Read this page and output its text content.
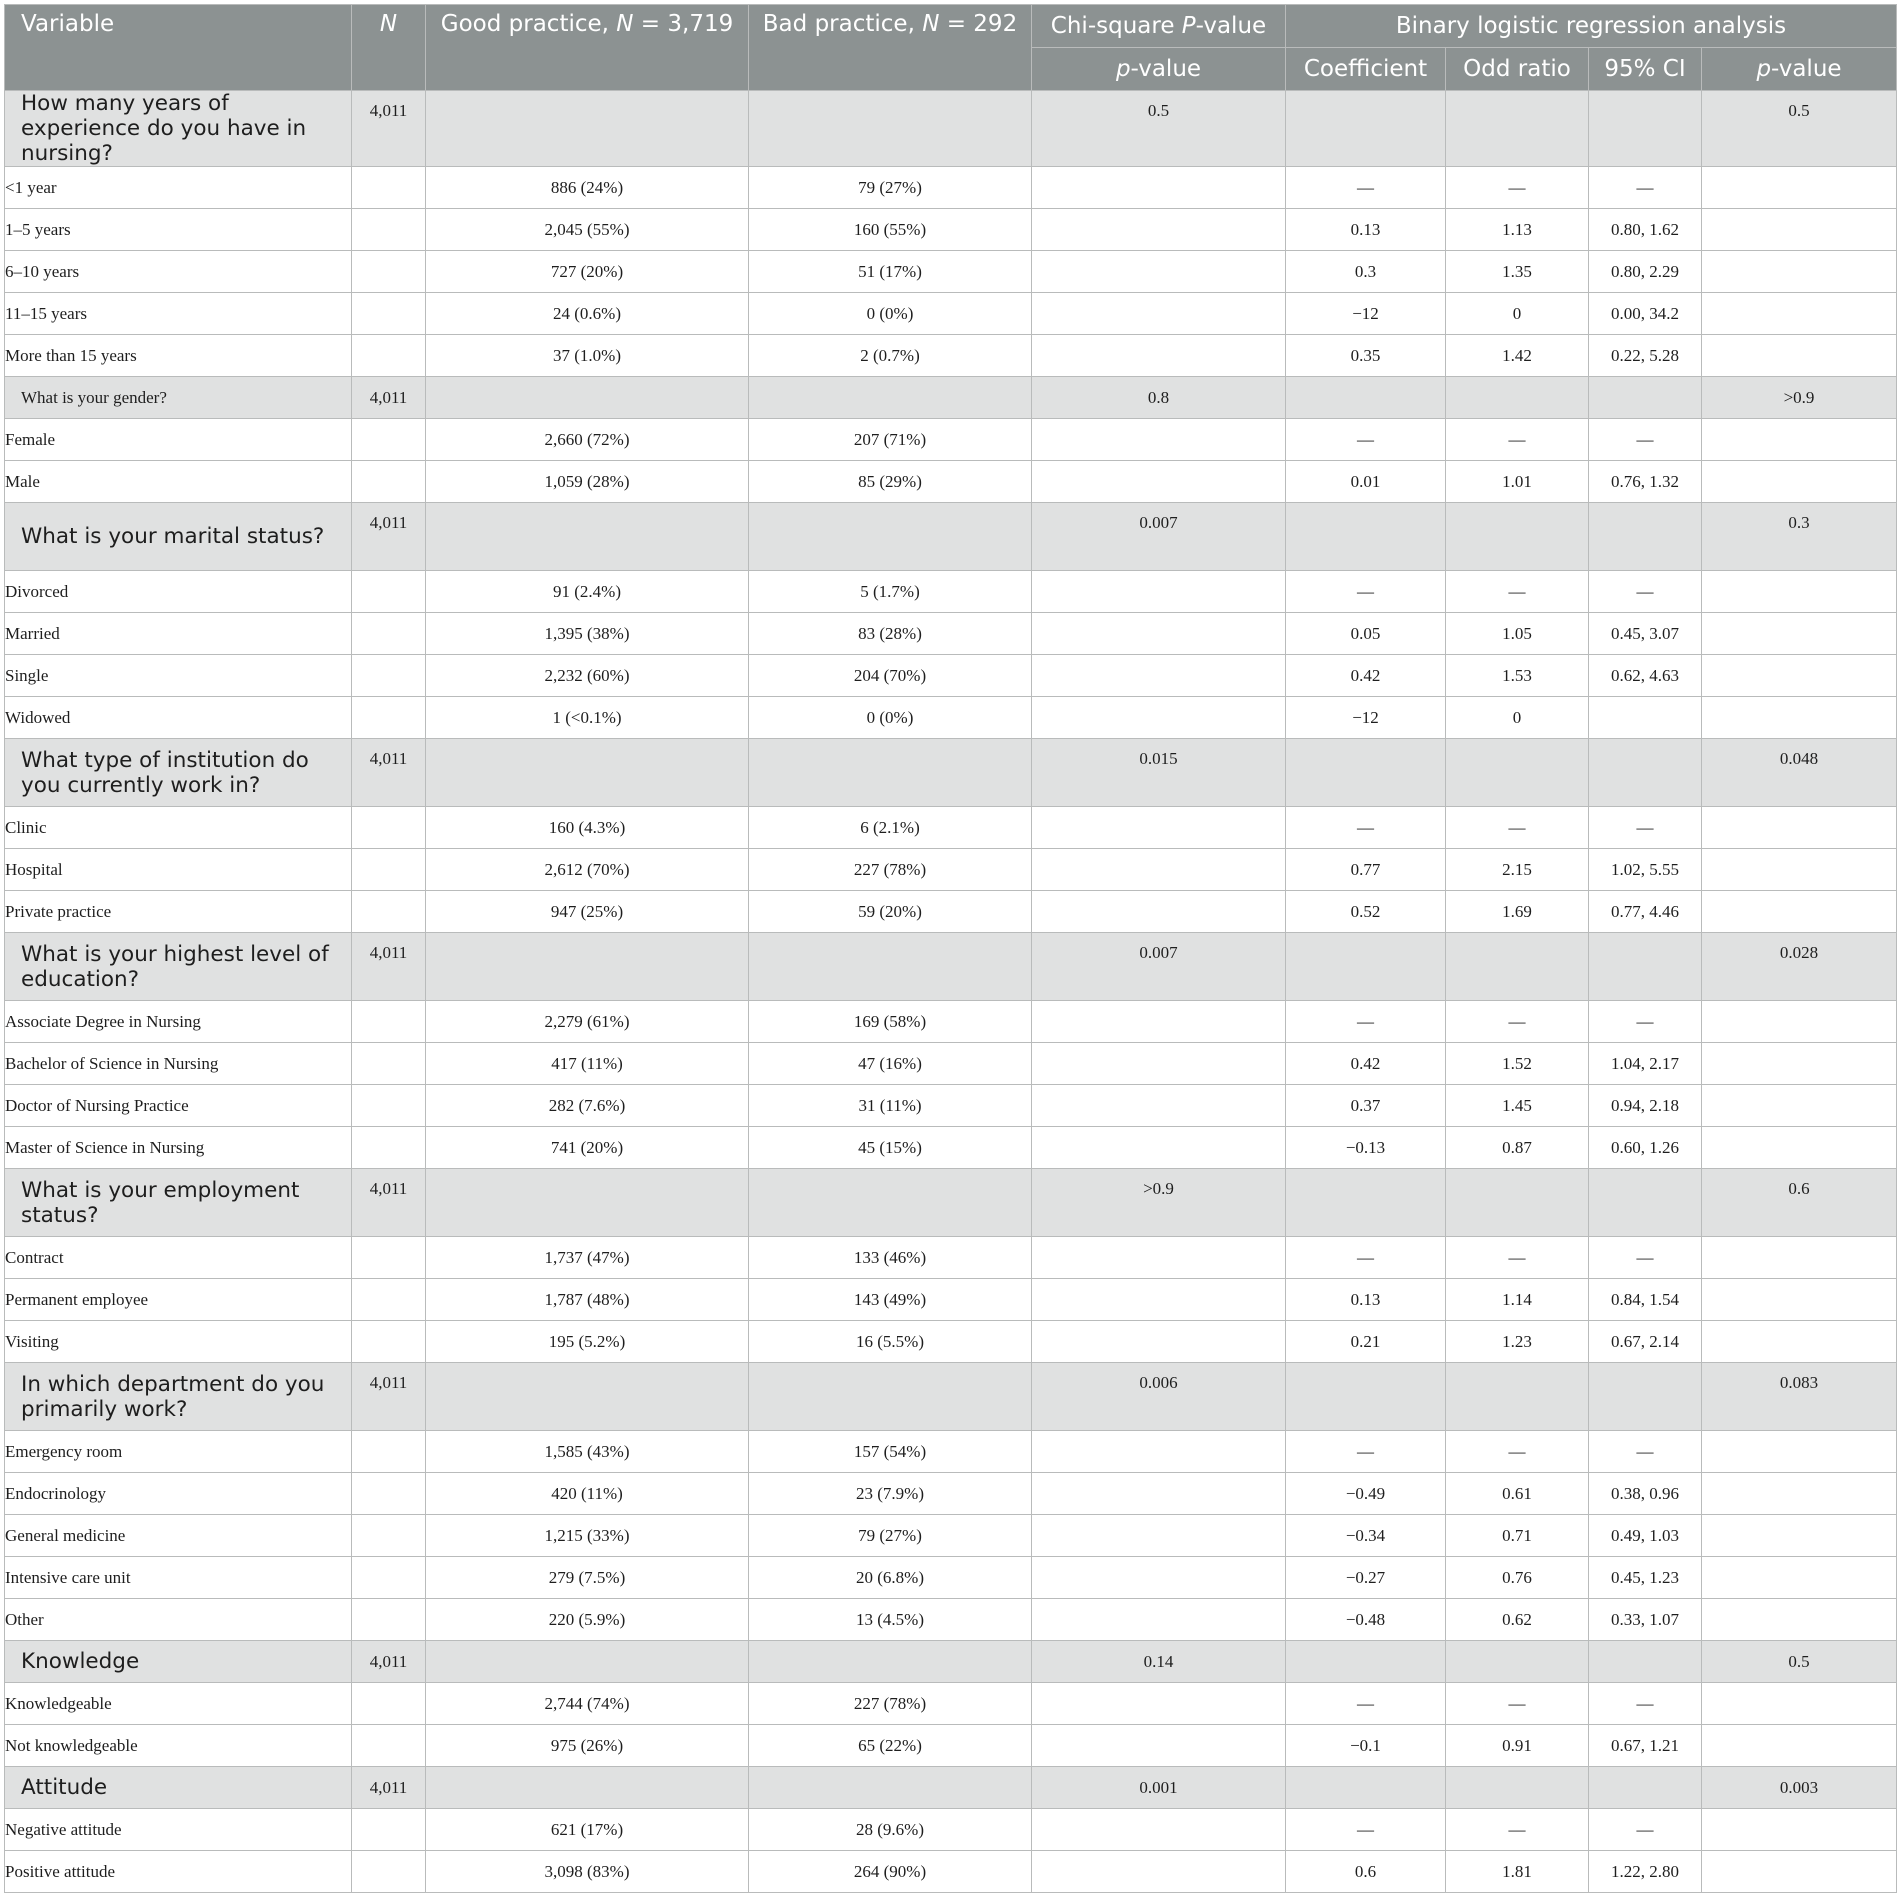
Variable	N	Good practice, N = 3,719	Bad practice, N = 292	Chi-square P-value	Binary logistic regression analysis			
				p-value	Coefficient	Odd ratio	95% CI	p-value
How many years of experience do you have in nursing?	4,011			0.5				0.5
<1 year		886 (24%)	79 (27%)		—	—	—	
1–5 years		2,045 (55%)	160 (55%)		0.13	1.13	0.80, 1.62	
6–10 years		727 (20%)	51 (17%)		0.3	1.35	0.80, 2.29	
11–15 years		24 (0.6%)	0 (0%)		−12	0	0.00, 34.2	
More than 15 years		37 (1.0%)	2 (0.7%)		0.35	1.42	0.22, 5.28	
What is your gender?	4,011			0.8				>0.9
Female		2,660 (72%)	207 (71%)		—	—	—	
Male		1,059 (28%)	85 (29%)		0.01	1.01	0.76, 1.32	
What is your marital status?	4,011			0.007				0.3
Divorced		91 (2.4%)	5 (1.7%)		—	—	—	
Married		1,395 (38%)	83 (28%)		0.05	1.05	0.45, 3.07	
Single		2,232 (60%)	204 (70%)		0.42	1.53	0.62, 4.63	
Widowed		1 (<0.1%)	0 (0%)		−12	0		
What type of institution do you currently work in?	4,011			0.015				0.048
Clinic		160 (4.3%)	6 (2.1%)		—	—	—	
Hospital		2,612 (70%)	227 (78%)		0.77	2.15	1.02, 5.55	
Private practice		947 (25%)	59 (20%)		0.52	1.69	0.77, 4.46	
What is your highest level of education?	4,011			0.007				0.028
Associate Degree in Nursing		2,279 (61%)	169 (58%)		—	—	—	
Bachelor of Science in Nursing		417 (11%)	47 (16%)		0.42	1.52	1.04, 2.17	
Doctor of Nursing Practice		282 (7.6%)	31 (11%)		0.37	1.45	0.94, 2.18	
Master of Science in Nursing		741 (20%)	45 (15%)		−0.13	0.87	0.60, 1.26	
What is your employment status?	4,011			>0.9				0.6
Contract		1,737 (47%)	133 (46%)		—	—	—	
Permanent employee		1,787 (48%)	143 (49%)		0.13	1.14	0.84, 1.54	
Visiting		195 (5.2%)	16 (5.5%)		0.21	1.23	0.67, 2.14	
In which department do you primarily work?	4,011			0.006				0.083
Emergency room		1,585 (43%)	157 (54%)		—	—	—	
Endocrinology		420 (11%)	23 (7.9%)		−0.49	0.61	0.38, 0.96	
General medicine		1,215 (33%)	79 (27%)		−0.34	0.71	0.49, 1.03	
Intensive care unit		279 (7.5%)	20 (6.8%)		−0.27	0.76	0.45, 1.23	
Other		220 (5.9%)	13 (4.5%)		−0.48	0.62	0.33, 1.07	
Knowledge	4,011			0.14				0.5
Knowledgeable		2,744 (74%)	227 (78%)		—	—	—	
Not knowledgeable		975 (26%)	65 (22%)		−0.1	0.91	0.67, 1.21	
Attitude	4,011			0.001				0.003
Negative attitude		621 (17%)	28 (9.6%)		—	—	—	
Positive attitude		3,098 (83%)	264 (90%)		0.6	1.81	1.22, 2.80	
